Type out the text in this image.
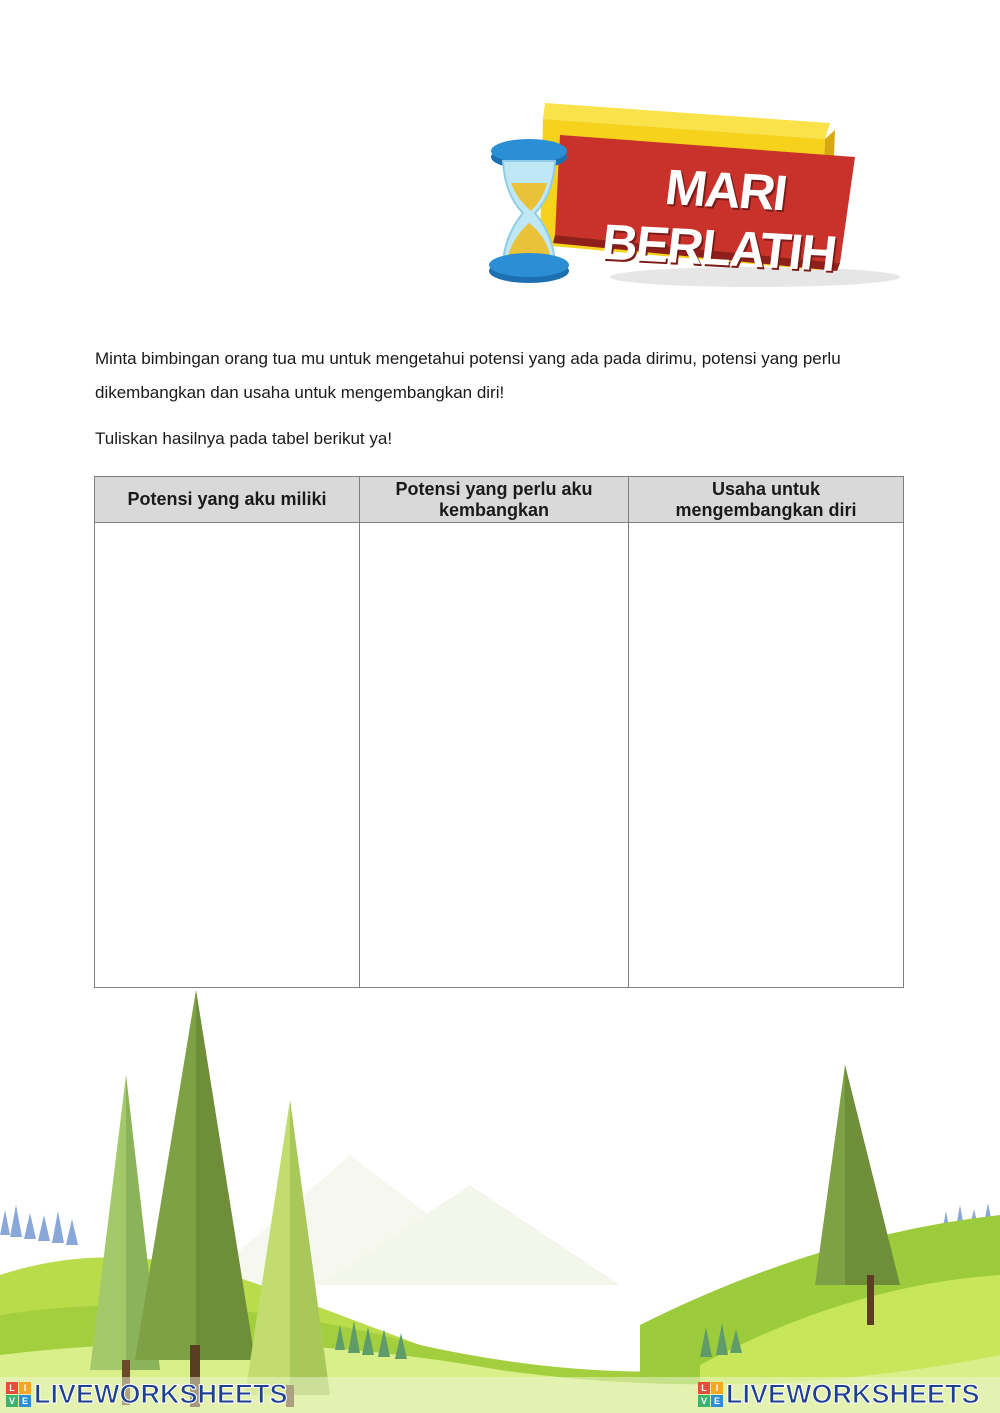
MARI BERLATIH

Minta bimbingan orang tua mu untuk mengetahui potensi yang ada pada dirimu, potensi yang perlu dikembangkan dan usaha untuk mengembangkan diri!

Tuliskan hasilnya pada tabel berikut ya!

Potensi yang aku miliki	Potensi yang perlu aku kembangkan	Usaha untuk mengembangkan diri

L I
V E LIVEWORKSHEETS	L I
V E LIVEWORKSHEETS
